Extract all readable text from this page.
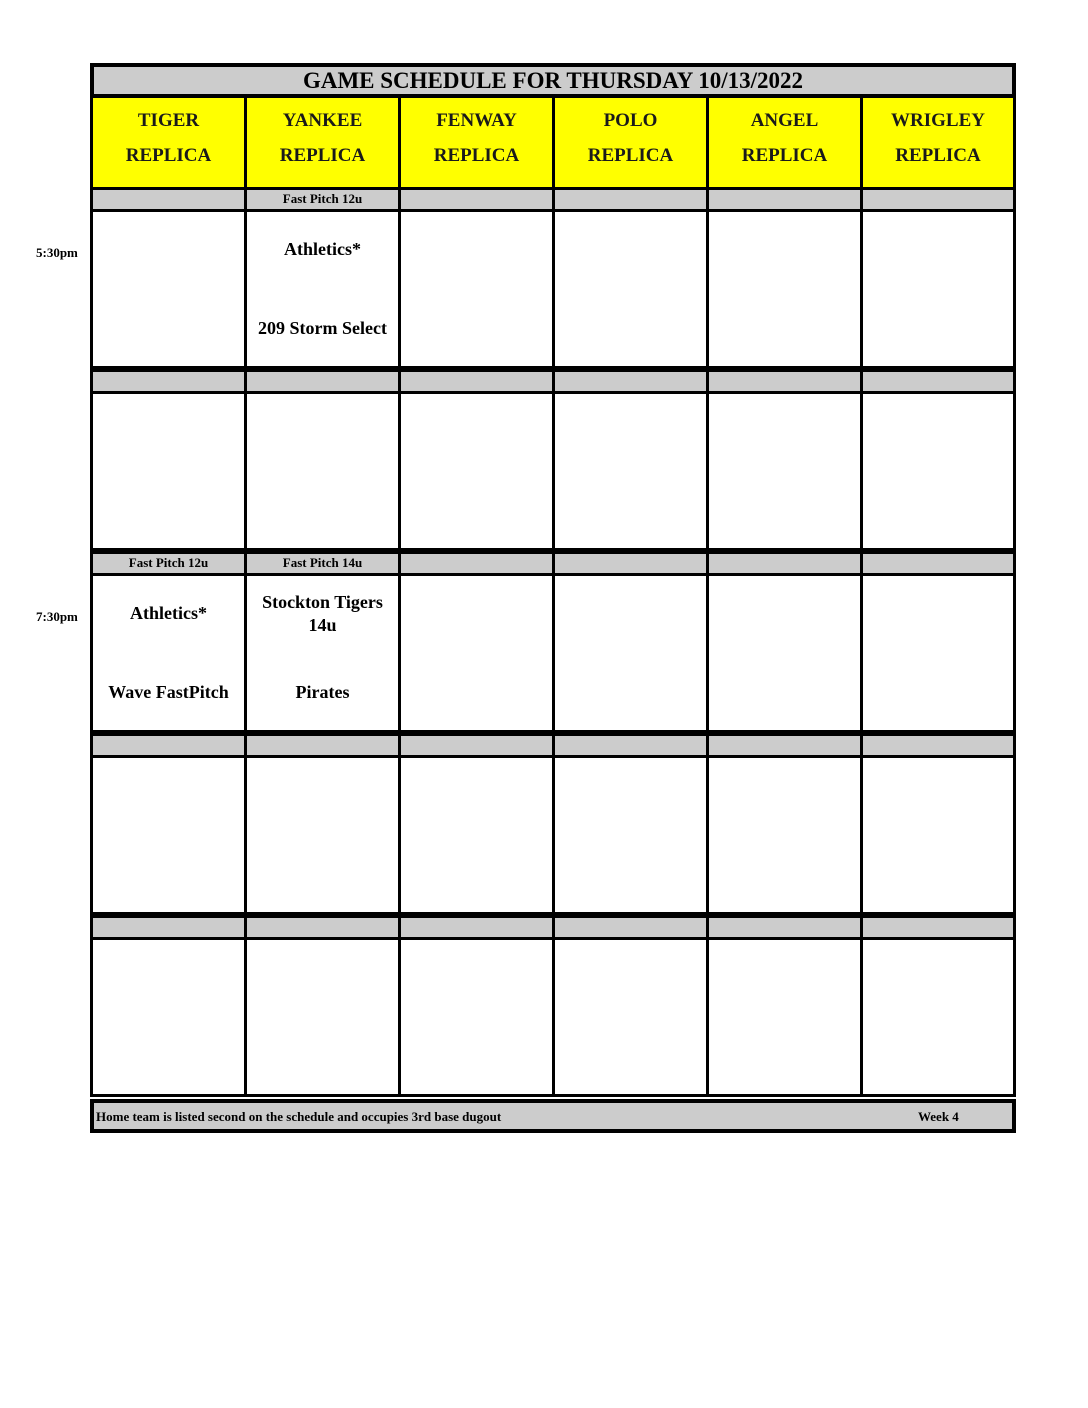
GAME SCHEDULE FOR THURSDAY 10/13/2022
TIGER
REPLICA
YANKEE
REPLICA
FENWAY
REPLICA
POLO
REPLICA
ANGEL
REPLICA
WRIGLEY
REPLICA
Fast Pitch 12u
Athletics*
209 Storm Select
Fast Pitch 12u
Athletics*
Wave FastPitch
Fast Pitch 14u
Stockton Tigers 14u
Pirates
Home team is listed second on the schedule and occupies 3rd base dugout	Week 4
5:30pm
7:30pm
